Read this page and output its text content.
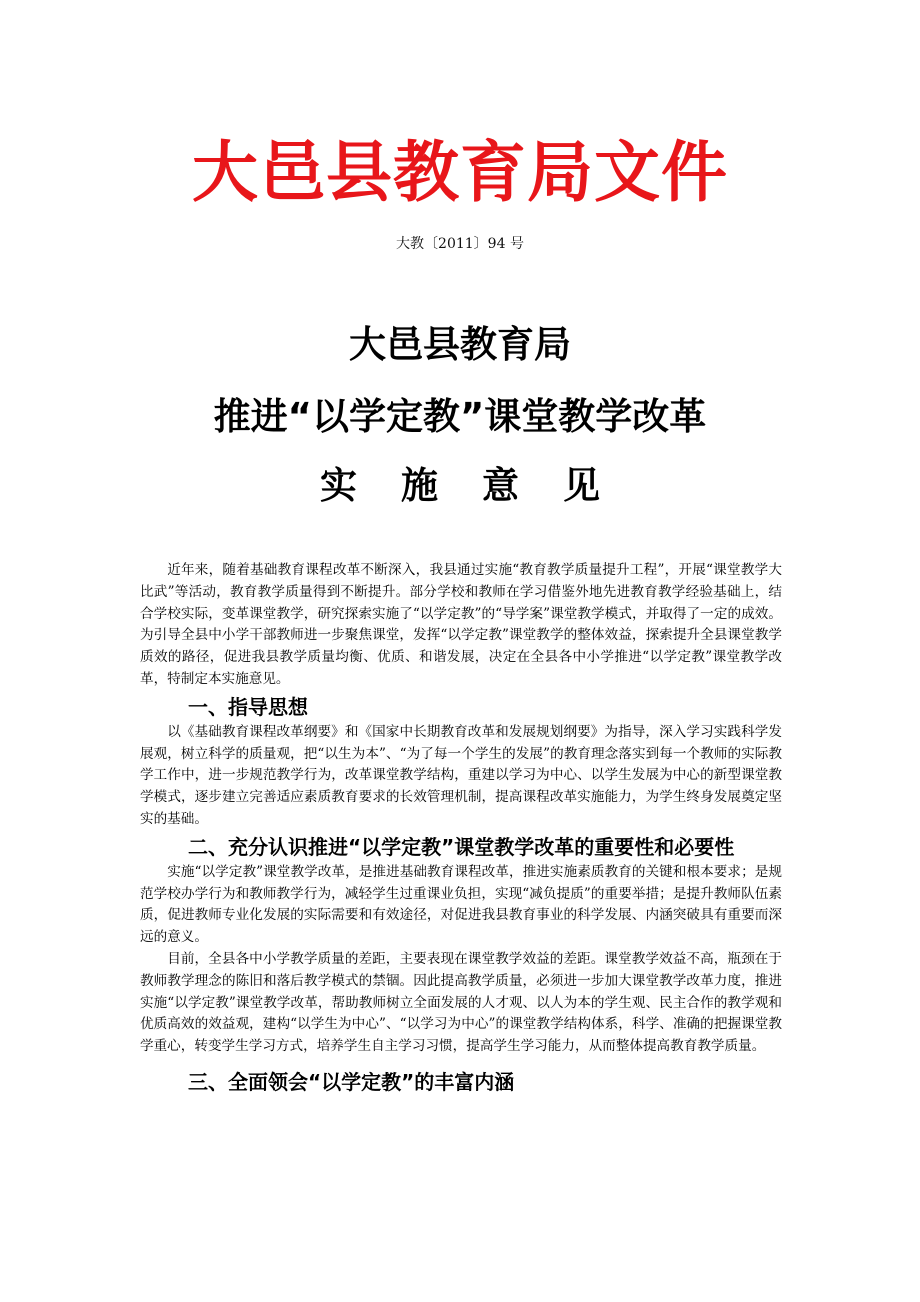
大邑县教育局文件
大教〔2011〕94 号
大邑县教育局
推进“以学定教”课堂教学改革
实 施 意 见

近年来，随着基础教育课程改革不断深入，我县通过实施“教育教学质量提升工程”，开展“课堂教学大比武”等活动，教育教学质量得到不断提升。部分学校和教师在学习借鉴外地先进教育教学经验基础上，结合学校实际，变革课堂教学，研究探索实施了“以学定教”的“导学案”课堂教学模式，并取得了一定的成效。为引导全县中小学干部教师进一步聚焦课堂，发挥“以学定教”课堂教学的整体效益，探索提升全县课堂教学质效的路径，促进我县教学质量均衡、优质、和谐发展，决定在全县各中小学推进“以学定教”课堂教学改革，特制定本实施意见。

一、指导思想

以《基础教育课程改革纲要》和《国家中长期教育改革和发展规划纲要》为指导，深入学习实践科学发展观，树立科学的质量观，把“以生为本”、“为了每一个学生的发展”的教育理念落实到每一个教师的实际教学工作中，进一步规范教学行为，改革课堂教学结构，重建以学习为中心、以学生发展为中心的新型课堂教学模式，逐步建立完善适应素质教育要求的长效管理机制，提高课程改革实施能力，为学生终身发展奠定坚实的基础。

二、充分认识推进“以学定教”课堂教学改革的重要性和必要性

实施“以学定教”课堂教学改革，是推进基础教育课程改革，推进实施素质教育的关键和根本要求；是规范学校办学行为和教师教学行为，减轻学生过重课业负担，实现“减负提质”的重要举措；是提升教师队伍素质，促进教师专业化发展的实际需要和有效途径，对促进我县教育事业的科学发展、内涵突破具有重要而深远的意义。

目前，全县各中小学教学质量的差距，主要表现在课堂教学效益的差距。课堂教学效益不高，瓶颈在于教师教学理念的陈旧和落后教学模式的禁锢。因此提高教学质量，必须进一步加大课堂教学改革力度，推进实施“以学定教”课堂教学改革，帮助教师树立全面发展的人才观、以人为本的学生观、民主合作的教学观和优质高效的效益观，建构“以学生为中心”、“以学习为中心”的课堂教学结构体系，科学、准确的把握课堂教学重心，转变学生学习方式，培养学生自主学习习惯，提高学生学习能力，从而整体提高教育教学质量。

三、全面领会“以学定教”的丰富内涵
